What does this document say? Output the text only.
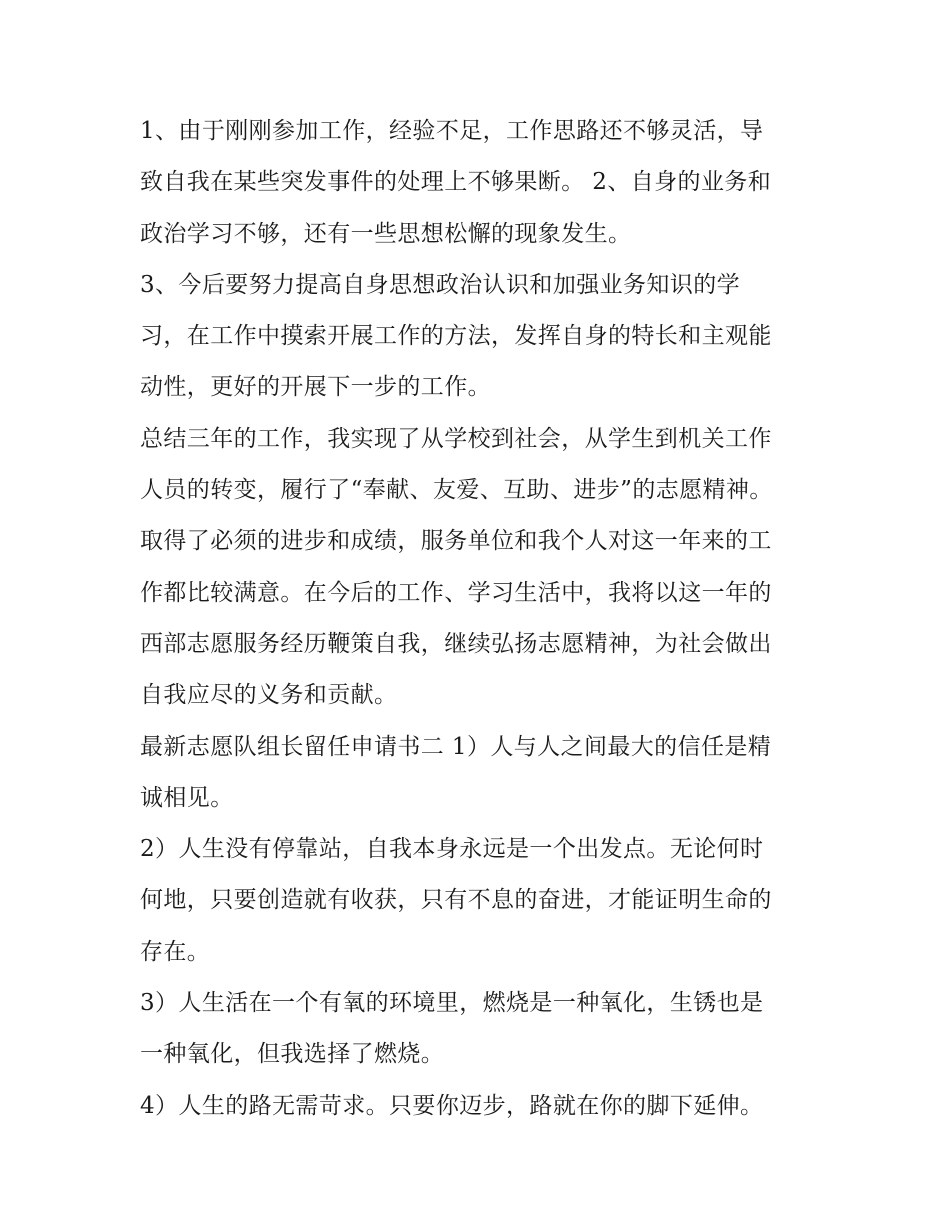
1、由于刚刚参加工作，经验不足，工作思路还不够灵活，导
致自我在某些突发事件的处理上不够果断。 2、自身的业务和
政治学习不够，还有一些思想松懈的现象发生。

3、今后要努力提高自身思想政治认识和加强业务知识的学
习，在工作中摸索开展工作的方法，发挥自身的特长和主观能
动性，更好的开展下一步的工作。

总结三年的工作，我实现了从学校到社会，从学生到机关工作
人员的转变，履行了“奉献、友爱、互助、进步”的志愿精神。
取得了必须的进步和成绩，服务单位和我个人对这一年来的工
作都比较满意。在今后的工作、学习生活中，我将以这一年的
西部志愿服务经历鞭策自我，继续弘扬志愿精神，为社会做出
自我应尽的义务和贡献。

最新志愿队组长留任申请书二 1）人与人之间最大的信任是精
诚相见。

2）人生没有停靠站，自我本身永远是一个出发点。无论何时
何地，只要创造就有收获，只有不息的奋进，才能证明生命的
存在。

3）人生活在一个有氧的环境里，燃烧是一种氧化，生锈也是
一种氧化，但我选择了燃烧。

4）人生的路无需苛求。只要你迈步，路就在你的脚下延伸。
